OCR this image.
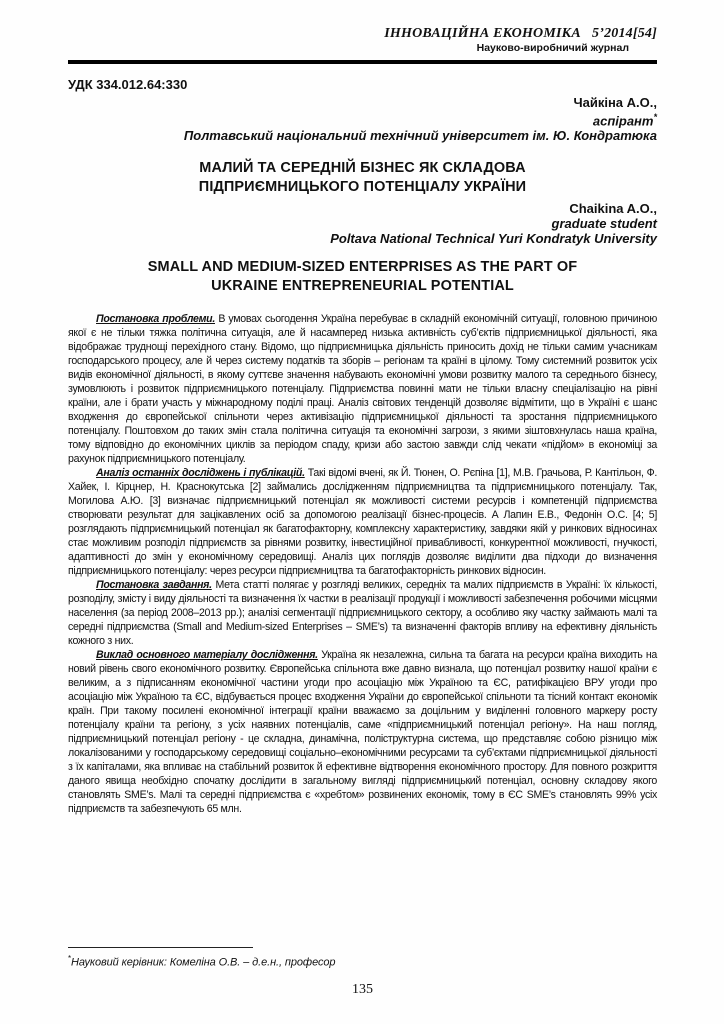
ІННОВАЦІЙНА ЕКОНОМІКА   5’2014[54]
Науково-виробничий журнал
УДК 334.012.64:330
Чайкіна А.О.,
аспірант*
Полтавський національний технічний університет ім. Ю. Кондратюка
МАЛИЙ ТА СЕРЕДНІЙ БІЗНЕС ЯК СКЛАДОВА ПІДПРИЄМНИЦЬКОГО ПОТЕНЦІАЛУ УКРАЇНИ
Chaikina A.O.,
graduate student
Poltava National Technical Yuri Kondratyk University
SMALL AND MEDIUM-SIZED ENTERPRISES AS THE PART OF UKRAINE ENTREPRENEURIAL POTENTIAL

Постановка проблеми. В умовах сьогодення Україна перебуває в складній економічній ситуації, головною причиною якої є не тільки тяжка політична ситуація, але й насамперед низька активність суб’єктів підприємницької діяльності, яка відображає труднощі перехідного стану. Відомо, що підприємницька діяльність приносить дохід не тільки самим учасникам господарського процесу, але й через систему податків та зборів – регіонам та країні в цілому. Тому системний розвиток усіх видів економічної діяльності, в якому суттєве значення набувають економічні умови розвитку малого та середнього бізнесу, зумовлюють і розвиток підприємницького потенціалу. Підприємства повинні мати не тільки власну спеціалізацію на рівні країни, але і брати участь у міжнародному поділі праці. Аналіз світових тенденцій дозволяє відмітити, що в Україні є шанс входження до європейської спільноти через активізацію підприємницької діяльності та зростання підприємницького потенціалу. Поштовхом до таких змін стала політична ситуація та економічні загрози, з якими зіштовхнулась наша країна, тому відповідно до економічних циклів за періодом спаду, кризи або застою завжди слід чекати «підйом» в економіці за рахунок підприємницького потенціалу.

Аналіз останніх досліджень і публікацій. Такі відомі вчені, як Й. Тюнен, О. Рєпіна [1], М.В. Грачьова, Р. Кантільон, Ф. Хайек, І. Кірцнер, Н. Краснокутська [2] займались дослідженням підприємництва та підприємницького потенціалу. Так, Могилова А.Ю. [3] визначає підприємницький потенціал як можливості системи ресурсів і компетенцій підприємства створювати результат для зацікавлених осіб за допомогою реалізації бізнес-процесів. А Лапин Е.В., Федонін О.С. [4; 5] розглядають підприємницький потенціал як багатофакторну, комплексну характеристику, завдяки якій у ринкових відносинах стає можливим розподіл підприємств за рівнями розвитку, інвестиційної привабливості, конкурентної можливості, гнучкості, адаптивності до змін у економічному середовищі. Аналіз цих поглядів дозволяє виділити два підходи до визначення підприємницького потенціалу: через ресурси підприємництва та багатофакторність ринкових відносин.

Постановка завдання. Мета статті полягає у розгляді великих, середніх та малих підприємств в Україні: їх кількості, розподілу, змісту і виду діяльності та визначення їх частки в реалізації продукції і можливості забезпечення робочими місцями населення (за період 2008–2013 рр.); аналізі сегментації підприємницького сектору, а особливо яку частку займають малі та середні підприємства (Small and Medium-sized Enterprises – SME’s) та визначенні факторів впливу на ефективну діяльність кожного з них.

Виклад основного матеріалу дослідження. Україна як незалежна, сильна та багата на ресурси країна виходить на новий рівень свого економічного розвитку. Європейська спільнота вже давно визнала, що потенціал розвитку нашої країни є великим, а з підписанням економічної частини угоди про асоціацію між Україною та ЄС, ратифікацією ВРУ угоди про асоціацію між Україною та ЄС, відбувається процес входження України до європейської спільноти та тісний контакт економік країн. При такому посилені економічної інтеграції країни вважаємо за доцільним у виділенні головного маркеру росту потенціалу країни та регіону, з усіх наявних потенціалів, саме «підприємницький потенціал регіону». На наш погляд, підприємницький потенціал регіону - це складна, динамічна, поліструктурна система, що представляє собою різницю між локалізованими у господарському середовищі соціально–економічними ресурсами та суб’єктами підприємницької діяльності з їх капіталами, яка впливає на стабільний розвиток й ефективне відтворення економічного простору. Для повного розкриття даного явища необхідно спочатку дослідити в загальному вигляді підприємницький потенціал, основну складову якого становлять SME’s. Малі та середні підприємства є «хребтом» розвинених економік, тому в ЄС SME’s становлять 99% усіх підприємств та забезпечують 65 млн.

*Науковий керівник: Комеліна О.В. – д.е.н., професор
135
